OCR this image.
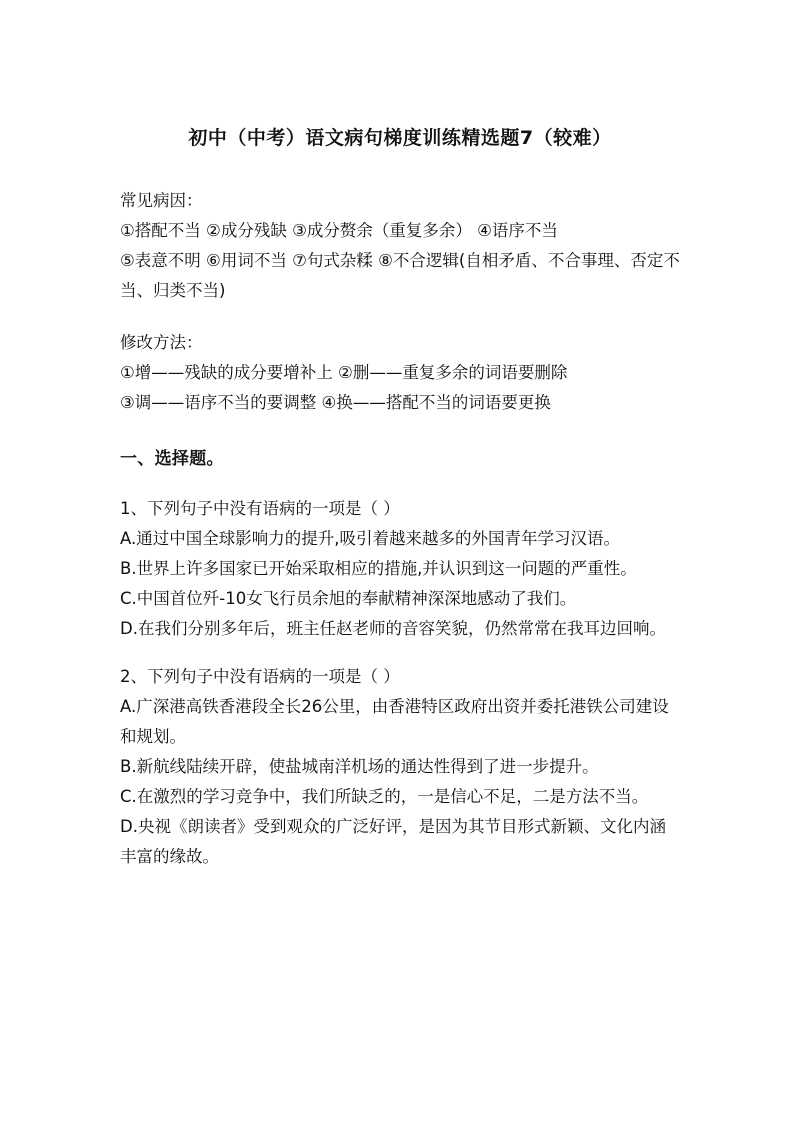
初中（中考）语文病句梯度训练精选题7（较难）

常见病因：

①搭配不当 ②成分残缺 ③成分赘余（重复多余） ④语序不当

⑤表意不明 ⑥用词不当 ⑦句式杂糅 ⑧不合逻辑(自相矛盾、不合事理、否定不当、归类不当)

修改方法：

①增——残缺的成分要增补上 ②删——重复多余的词语要删除

③调——语序不当的要调整 ④换——搭配不当的词语要更换

一、选择题。

1、下列句子中没有语病的一项是（ ）

A.通过中国全球影响力的提升,吸引着越来越多的外国青年学习汉语。

B.世界上许多国家已开始采取相应的措施,并认识到这一问题的严重性。

C.中国首位歼-10女飞行员余旭的奉献精神深深地感动了我们。

D.在我们分别多年后，班主任赵老师的音容笑貌，仍然常常在我耳边回响。

2、下列句子中没有语病的一项是（ ）

A.广深港高铁香港段全长26公里，由香港特区政府出资并委托港铁公司建设和规划。

B.新航线陆续开辟，使盐城南洋机场的通达性得到了进一步提升。

C.在激烈的学习竞争中，我们所缺乏的，一是信心不足，二是方法不当。

D.央视《朗读者》受到观众的广泛好评，是因为其节目形式新颖、文化内涵丰富的缘故。
